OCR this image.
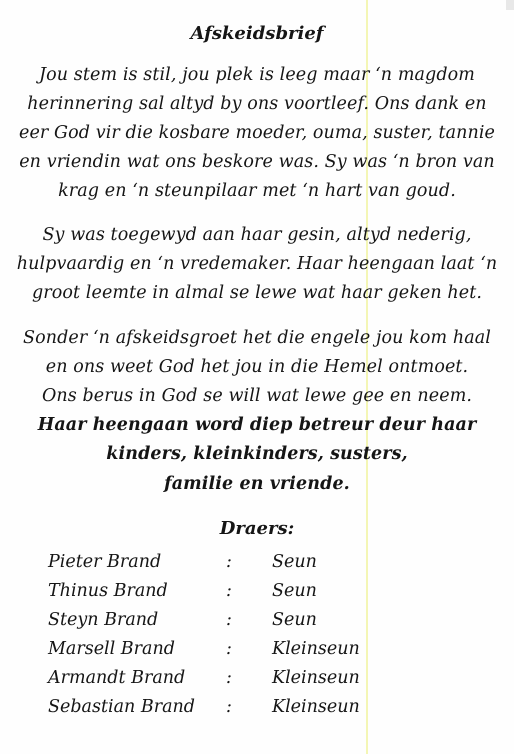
Afskeidsbrief
Jou stem is stil, jou plek is leeg maar ‘n magdom
herinnering sal altyd by ons voortleef. Ons dank en
eer God vir die kosbare moeder, ouma, suster, tannie
en vriendin wat ons beskore was. Sy was ‘n bron van
krag en ‘n steunpilaar met ‘n hart van goud.
Sy was toegewyd aan haar gesin, altyd nederig,
hulpvaardig en ‘n vredemaker. Haar heengaan laat ‘n
groot leemte in almal se lewe wat haar geken het.
Sonder ‘n afskeidsgroet het die engele jou kom haal
en ons weet God het jou in die Hemel ontmoet.
Ons berus in God se will wat lewe gee en neem.
Haar heengaan word diep betreur deur haar
kinders, kleinkinders, susters,
familie en vriende.
Draers:
Pieter Brand	: Seun
Thinus Brand	: Seun
Steyn Brand	: Seun
Marsell Brand	: Kleinseun
Armandt Brand : Kleinseun
Sebastian Brand : Kleinseun
